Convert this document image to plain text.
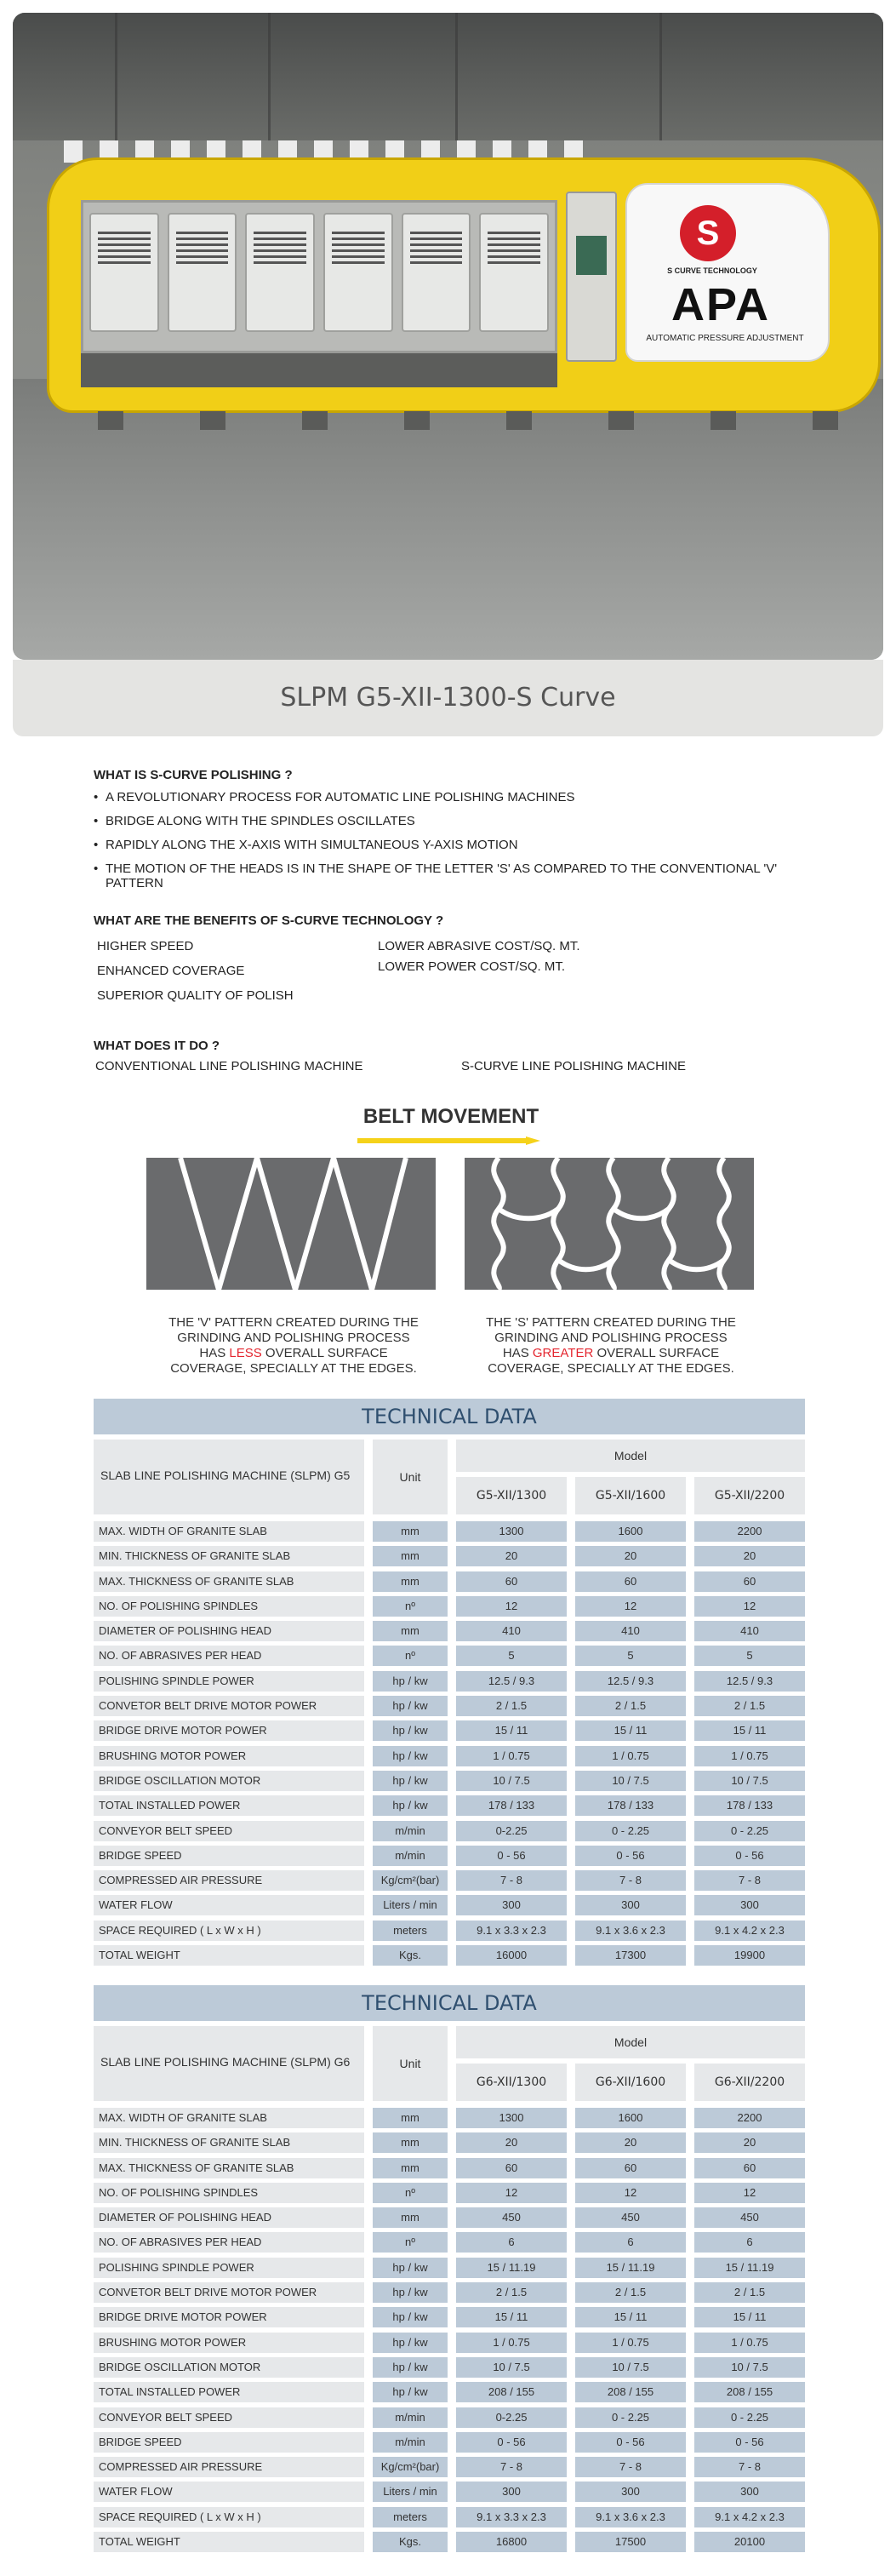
S
S CURVE TECHNOLOGY
APA
AUTOMATIC PRESSURE ADJUSTMENT
SLPM G5-XII-1300-S Curve
WHAT IS S-CURVE POLISHING ?
• A REVOLUTIONARY PROCESS FOR AUTOMATIC LINE POLISHING MACHINES
• BRIDGE ALONG WITH THE SPINDLES OSCILLATES
• RAPIDLY ALONG THE X-AXIS WITH SIMULTANEOUS Y-AXIS MOTION
• THE MOTION OF THE HEADS IS IN THE SHAPE OF THE LETTER 'S' AS COMPARED TO THE CONVENTIONAL 'V' PATTERN
WHAT ARE THE BENEFITS OF S-CURVE TECHNOLOGY ?
HIGHER SPEED
ENHANCED COVERAGE
SUPERIOR QUALITY OF POLISH
LOWER ABRASIVE COST/SQ. MT.
LOWER POWER COST/SQ. MT.
WHAT DOES IT DO ?
CONVENTIONAL LINE POLISHING MACHINE	S-CURVE LINE POLISHING MACHINE
BELT MOVEMENT
THE 'V' PATTERN CREATED DURING THE GRINDING AND POLISHING PROCESS HAS LESS OVERALL SURFACE COVERAGE, SPECIALLY AT THE EDGES.
THE 'S' PATTERN CREATED DURING THE GRINDING AND POLISHING PROCESS HAS GREATER OVERALL SURFACE COVERAGE, SPECIALLY AT THE EDGES.
TECHNICAL DATA
SLAB LINE POLISHING MACHINE (SLPM) G5	Unit
Model
G5-XII/1300	G5-XII/1600	G5-XII/2200
MAX. WIDTH OF GRANITE SLAB	mm	1300	1600	2200
MIN. THICKNESS OF GRANITE SLAB	mm	20	20	20
MAX. THICKNESS OF GRANITE SLAB	mm	60	60	60
NO. OF POLISHING SPINDLES	nº	12	12	12
DIAMETER OF POLISHING HEAD	mm	410	410	410
NO. OF ABRASIVES PER HEAD	nº	5	5	5
POLISHING SPINDLE POWER	hp / kw	12.5 / 9.3	12.5 / 9.3	12.5 / 9.3
CONVETOR BELT DRIVE MOTOR POWER	hp / kw	2 / 1.5	2 / 1.5	2 / 1.5
BRIDGE DRIVE MOTOR POWER	hp / kw	15 / 11	15 / 11	15 / 11
BRUSHING MOTOR POWER	hp / kw	1 / 0.75	1 / 0.75	1 / 0.75
BRIDGE OSCILLATION MOTOR	hp / kw	10 / 7.5	10 / 7.5	10 / 7.5
TOTAL INSTALLED POWER	hp / kw	178 / 133	178 / 133	178 / 133
CONVEYOR BELT SPEED	m/min	0-2.25	0 - 2.25	0 - 2.25
BRIDGE SPEED	m/min	0 - 56	0 - 56	0 - 56
COMPRESSED AIR PRESSURE	Kg/cm²(bar)	7 - 8	7 - 8	7 - 8
WATER FLOW	Liters / min	300	300	300
SPACE REQUIRED ( L x W x H )	meters	9.1 x 3.3 x 2.3	9.1 x 3.6 x 2.3	9.1 x 4.2 x 2.3
TOTAL WEIGHT	Kgs.	16000	17300	19900
TECHNICAL DATA
SLAB LINE POLISHING MACHINE (SLPM) G6	Unit
Model
G6-XII/1300	G6-XII/1600	G6-XII/2200
MAX. WIDTH OF GRANITE SLAB	mm	1300	1600	2200
MIN. THICKNESS OF GRANITE SLAB	mm	20	20	20
MAX. THICKNESS OF GRANITE SLAB	mm	60	60	60
NO. OF POLISHING SPINDLES	nº	12	12	12
DIAMETER OF POLISHING HEAD	mm	450	450	450
NO. OF ABRASIVES PER HEAD	nº	6	6	6
POLISHING SPINDLE POWER	hp / kw	15 / 11.19	15 / 11.19	15 / 11.19
CONVETOR BELT DRIVE MOTOR POWER	hp / kw	2 / 1.5	2 / 1.5	2 / 1.5
BRIDGE DRIVE MOTOR POWER	hp / kw	15 / 11	15 / 11	15 / 11
BRUSHING MOTOR POWER	hp / kw	1 / 0.75	1 / 0.75	1 / 0.75
BRIDGE OSCILLATION MOTOR	hp / kw	10 / 7.5	10 / 7.5	10 / 7.5
TOTAL INSTALLED POWER	hp / kw	208 / 155	208 / 155	208 / 155
CONVEYOR BELT SPEED	m/min	0-2.25	0 - 2.25	0 - 2.25
BRIDGE SPEED	m/min	0 - 56	0 - 56	0 - 56
COMPRESSED AIR PRESSURE	Kg/cm²(bar)	7 - 8	7 - 8	7 - 8
WATER FLOW	Liters / min	300	300	300
SPACE REQUIRED ( L x W x H )	meters	9.1 x 3.3 x 2.3	9.1 x 3.6 x 2.3	9.1 x 4.2 x 2.3
TOTAL WEIGHT	Kgs.	16800	17500	20100
